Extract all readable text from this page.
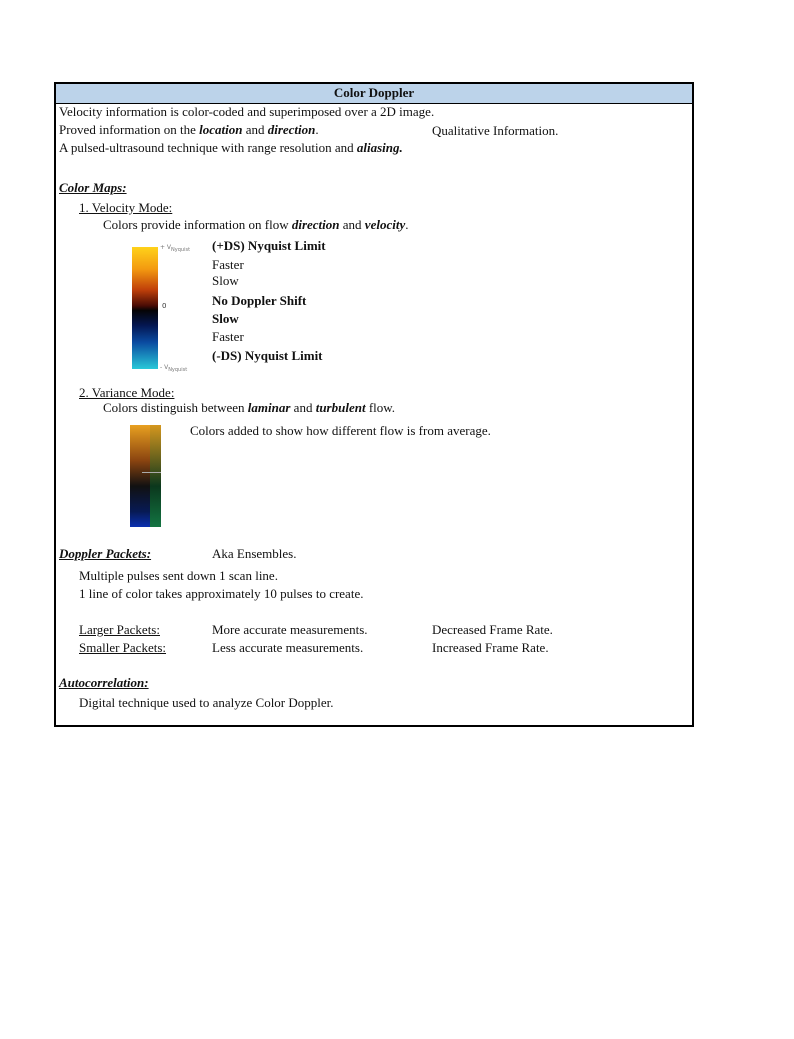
Color Doppler
Velocity information is color-coded and superimposed over a 2D image.
Proved information on the location and direction.	Qualitative Information.
A pulsed-ultrasound technique with range resolution and aliasing.
Color Maps:
1. Velocity Mode:
Colors provide information on flow direction and velocity.
+ $V_{Nyquist}$
0
- $V_{Nyquist}$
(+DS) Nyquist Limit
Faster
Slow
No Doppler Shift
Slow
Faster
(-DS) Nyquist Limit
2. Variance Mode:
Colors distinguish between laminar and turbulent flow.
Colors added to show how different flow is from average.
Doppler Packets:	Aka Ensembles.
Multiple pulses sent down 1 scan line.
1 line of color takes approximately 10 pulses to create.
Larger Packets:	More accurate measurements.	Decreased Frame Rate.
Smaller Packets:	Less accurate measurements.	Increased Frame Rate.
Autocorrelation:
Digital technique used to analyze Color Doppler.
